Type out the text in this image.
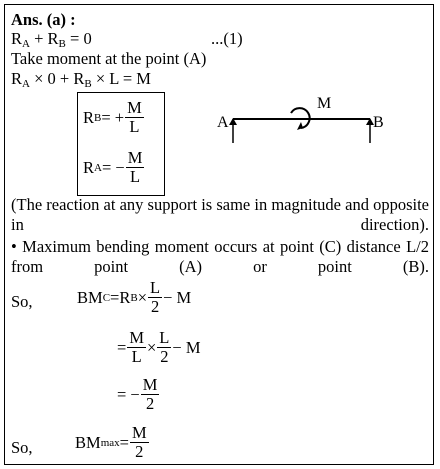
Ans. (a) :
$R_A + R_B = 0$	...(1)
Take moment at the point (A)
$R_A \times 0 + R_B \times L = M$
R B = + $\frac{M}{L}$
R A = − $\frac{M}{L}$
A	B
M
(The reaction at any support is same in magnitude and opposite in direction).
• Maximum bending moment occurs at point (C) distance L/2 from point (A) or point (B).
So,	BM C = R $B \times \frac{L}{2} - M$
= $\frac{M}{L} \times \frac{L}{2} - M$
= − $\frac{M}{2}$
So,	BM $\max = \frac{M}{2}$
